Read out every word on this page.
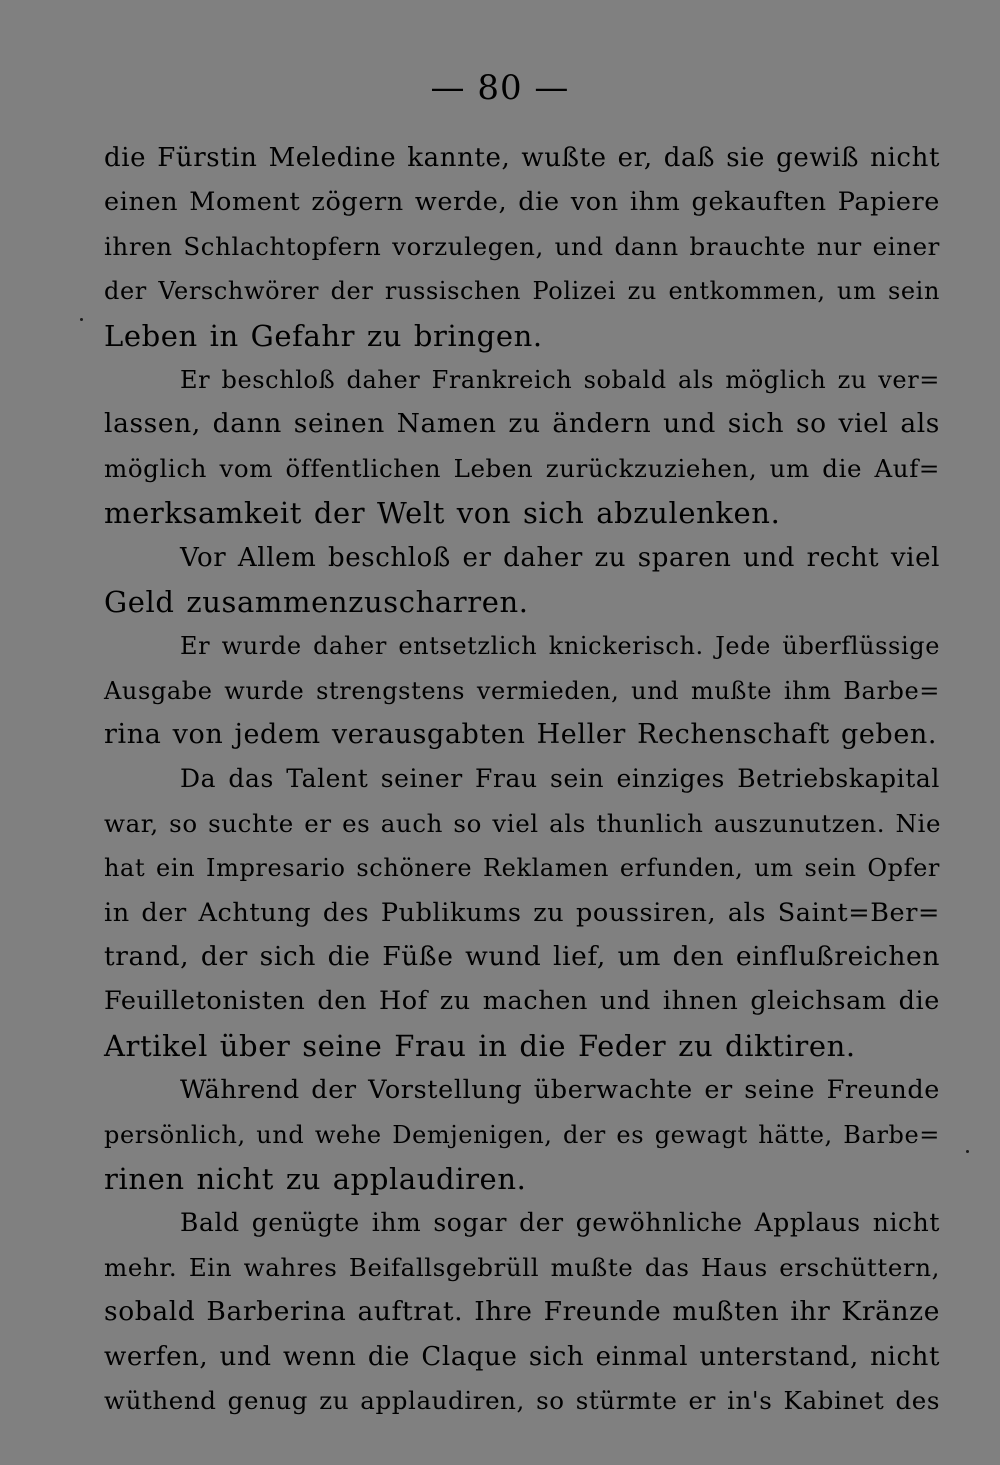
— 80 —
die Fürstin Meledine kannte, wußte er, daß sie gewiß nicht
einen Moment zögern werde, die von ihm gekauften Papiere
ihren Schlachtopfern vorzulegen, und dann brauchte nur einer
der Verschwörer der russischen Polizei zu entkommen, um sein
Leben in Gefahr zu bringen.
Er beschloß daher Frankreich sobald als möglich zu ver=
lassen, dann seinen Namen zu ändern und sich so viel als
möglich vom öffentlichen Leben zurückzuziehen, um die Auf=
merksamkeit der Welt von sich abzulenken.
Vor Allem beschloß er daher zu sparen und recht viel
Geld zusammenzuscharren.
Er wurde daher entsetzlich knickerisch. Jede überflüssige
Ausgabe wurde strengstens vermieden, und mußte ihm Barbe=
rina von jedem verausgabten Heller Rechenschaft geben.
Da das Talent seiner Frau sein einziges Betriebskapital
war, so suchte er es auch so viel als thunlich auszunutzen. Nie
hat ein Impresario schönere Reklamen erfunden, um sein Opfer
in der Achtung des Publikums zu poussiren, als Saint=Ber=
trand, der sich die Füße wund lief, um den einflußreichen
Feuilletonisten den Hof zu machen und ihnen gleichsam die
Artikel über seine Frau in die Feder zu diktiren.
Während der Vorstellung überwachte er seine Freunde
persönlich, und wehe Demjenigen, der es gewagt hätte, Barbe=
rinen nicht zu applaudiren.
Bald genügte ihm sogar der gewöhnliche Applaus nicht
mehr. Ein wahres Beifallsgebrüll mußte das Haus erschüttern,
sobald Barberina auftrat. Ihre Freunde mußten ihr Kränze
werfen, und wenn die Claque sich einmal unterstand, nicht
wüthend genug zu applaudiren, so stürmte er in's Kabinet des
